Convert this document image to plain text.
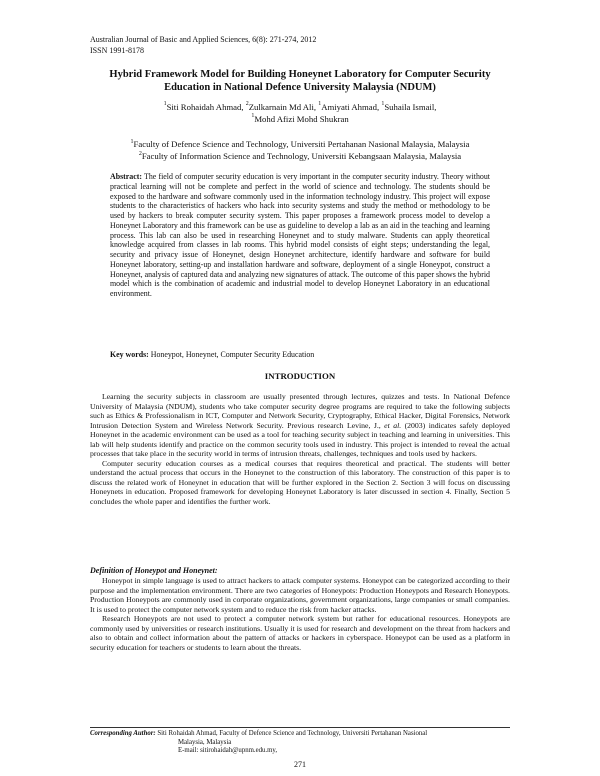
Australian Journal of Basic and Applied Sciences, 6(8): 271-274, 2012
ISSN 1991-8178
Hybrid Framework Model for Building Honeynet Laboratory for Computer Security
Education in National Defence University Malaysia (NDUM)
$^1$Siti Rohaidah Ahmad, $^2$Zulkarnain Md Ali, $^1$Amiyati Ahmad, $^1$Suhaila Ismail,
$^1$Mohd Afizi Mohd Shukran
$^1$Faculty of Defence Science and Technology, Universiti Pertahanan Nasional Malaysia, Malaysia
$^2$Faculty of Information Science and Technology, Universiti Kebangsaan Malaysia, Malaysia
Abstract: The field of computer security education is very important in the computer security industry. Theory without practical learning will not be complete and perfect in the world of science and technology. The students should be exposed to the hardware and software commonly used in the information technology industry. This project will expose students to the characteristics of hackers who hack into security systems and study the method or methodology to be used by hackers to break computer security system. This paper proposes a framework process model to develop a Honeynet Laboratory and this framework can be use as guideline to develop a lab as an aid in the teaching and learning process. This lab can also be used in researching Honeynet and to study malware. Students can apply theoretical knowledge acquired from classes in lab rooms. This hybrid model consists of eight steps; understanding the legal, security and privacy issue of Honeynet, design Honeynet architecture, identify hardware and software for build Honeynet laboratory, setting-up and installation hardware and software, deployment of a single Honeypot, construct a Honeynet, analysis of captured data and analyzing new signatures of attack. The outcome of this paper shows the hybrid model which is the combination of academic and industrial model to develop Honeynet Laboratory in an educational environment.
Key words: Honeypot, Honeynet, Computer Security Education
INTRODUCTION

Learning the security subjects in classroom are usually presented through lectures, quizzes and tests. In National Defence University of Malaysia (NDUM), students who take computer security degree programs are required to take the following subjects such as Ethics & Professionalism in ICT, Computer and Network Security, Cryptography, Ethical Hacker, Digital Forensics, Network Intrusion Detection System and Wireless Network Security. Previous research Levine, J., et al. (2003) indicates safely deployed Honeynet in the academic environment can be used as a tool for teaching security subject in teaching and learning in universities. This lab will help students identify and practice on the common security tools used in industry. This project is intended to reveal the actual processes that take place in the security world in terms of intrusion threats, challenges, techniques and tools used by hackers.

Computer security education courses as a medical courses that requires theoretical and practical. The students will better understand the actual process that occurs in the Honeynet to the construction of this laboratory. The construction of this paper is to discuss the related work of Honeynet in education that will be further explored in the Section 2. Section 3 will focus on discussing Honeynets in education. Proposed framework for developing Honeynet Laboratory is later discussed in section 4. Finally, Section 5 concludes the whole paper and identifies the further work.

Definition of Honeypot and Honeynet:

Honeypot in simple language is used to attract hackers to attack computer systems. Honeypot can be categorized according to their purpose and the implementation environment. There are two categories of Honeypots: Production Honeypots and Research Honeypots. Production Honeypots are commonly used in corporate organizations, government organizations, large companies or small companies. It is used to protect the computer network system and to reduce the risk from hacker attacks.

Research Honeypots are not used to protect a computer network system but rather for educational resources. Honeypots are commonly used by universities or research institutions. Usually it is used for research and development on the threat from hackers and also to obtain and collect information about the pattern of attacks or hackers in cyberspace. Honeypot can be used as a platform in security education for teachers or students to learn about the threats.

Corresponding Author: Siti Rohaidah Ahmad, Faculty of Defence Science and Technology, Universiti Pertahanan Nasional
Malaysia, Malaysia
E-mail: sitirohaidah@upnm.edu.my,
271
